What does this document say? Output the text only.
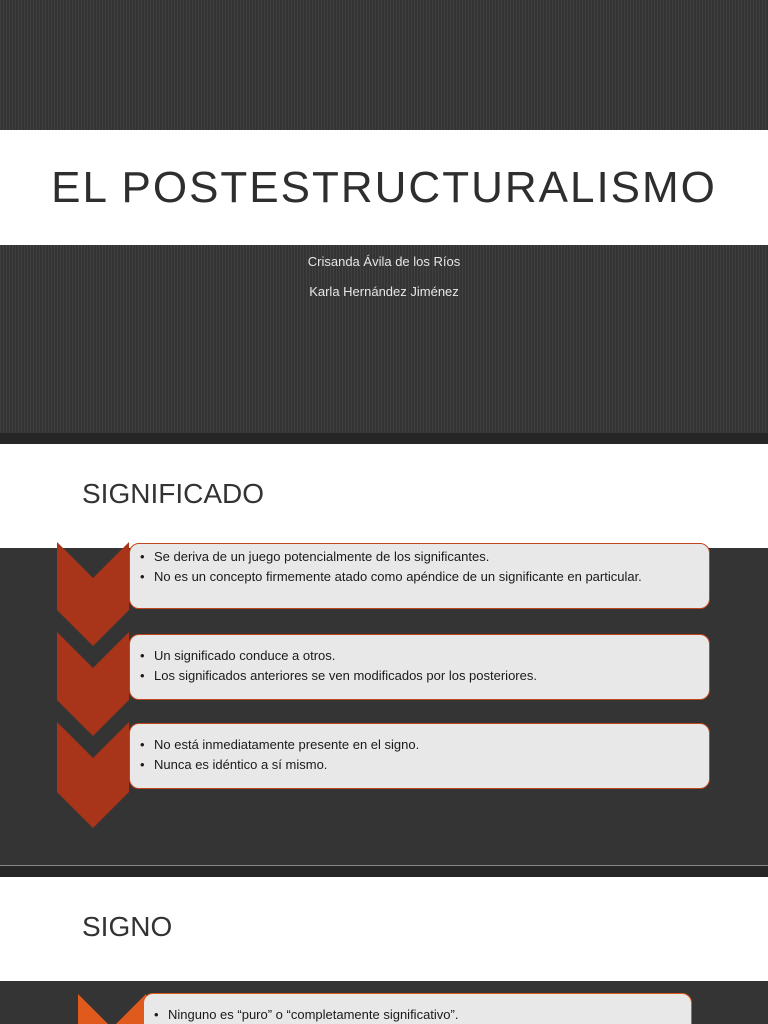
EL POSTESTRUCTURALISMO
Crisanda Ávila de los Ríos
Karla Hernández Jiménez
SIGNIFICADO
• Se deriva de un juego potencialmente de los significantes.
• No es un concepto firmemente atado como apéndice de un significante en particular.
• Un significado conduce a otros.
• Los significados anteriores se ven modificados por los posteriores.
• No está inmediatamente presente en el signo.
• Nunca es idéntico a sí mismo.
SIGNO
• Ninguno es “puro” o “completamente significativo”.
